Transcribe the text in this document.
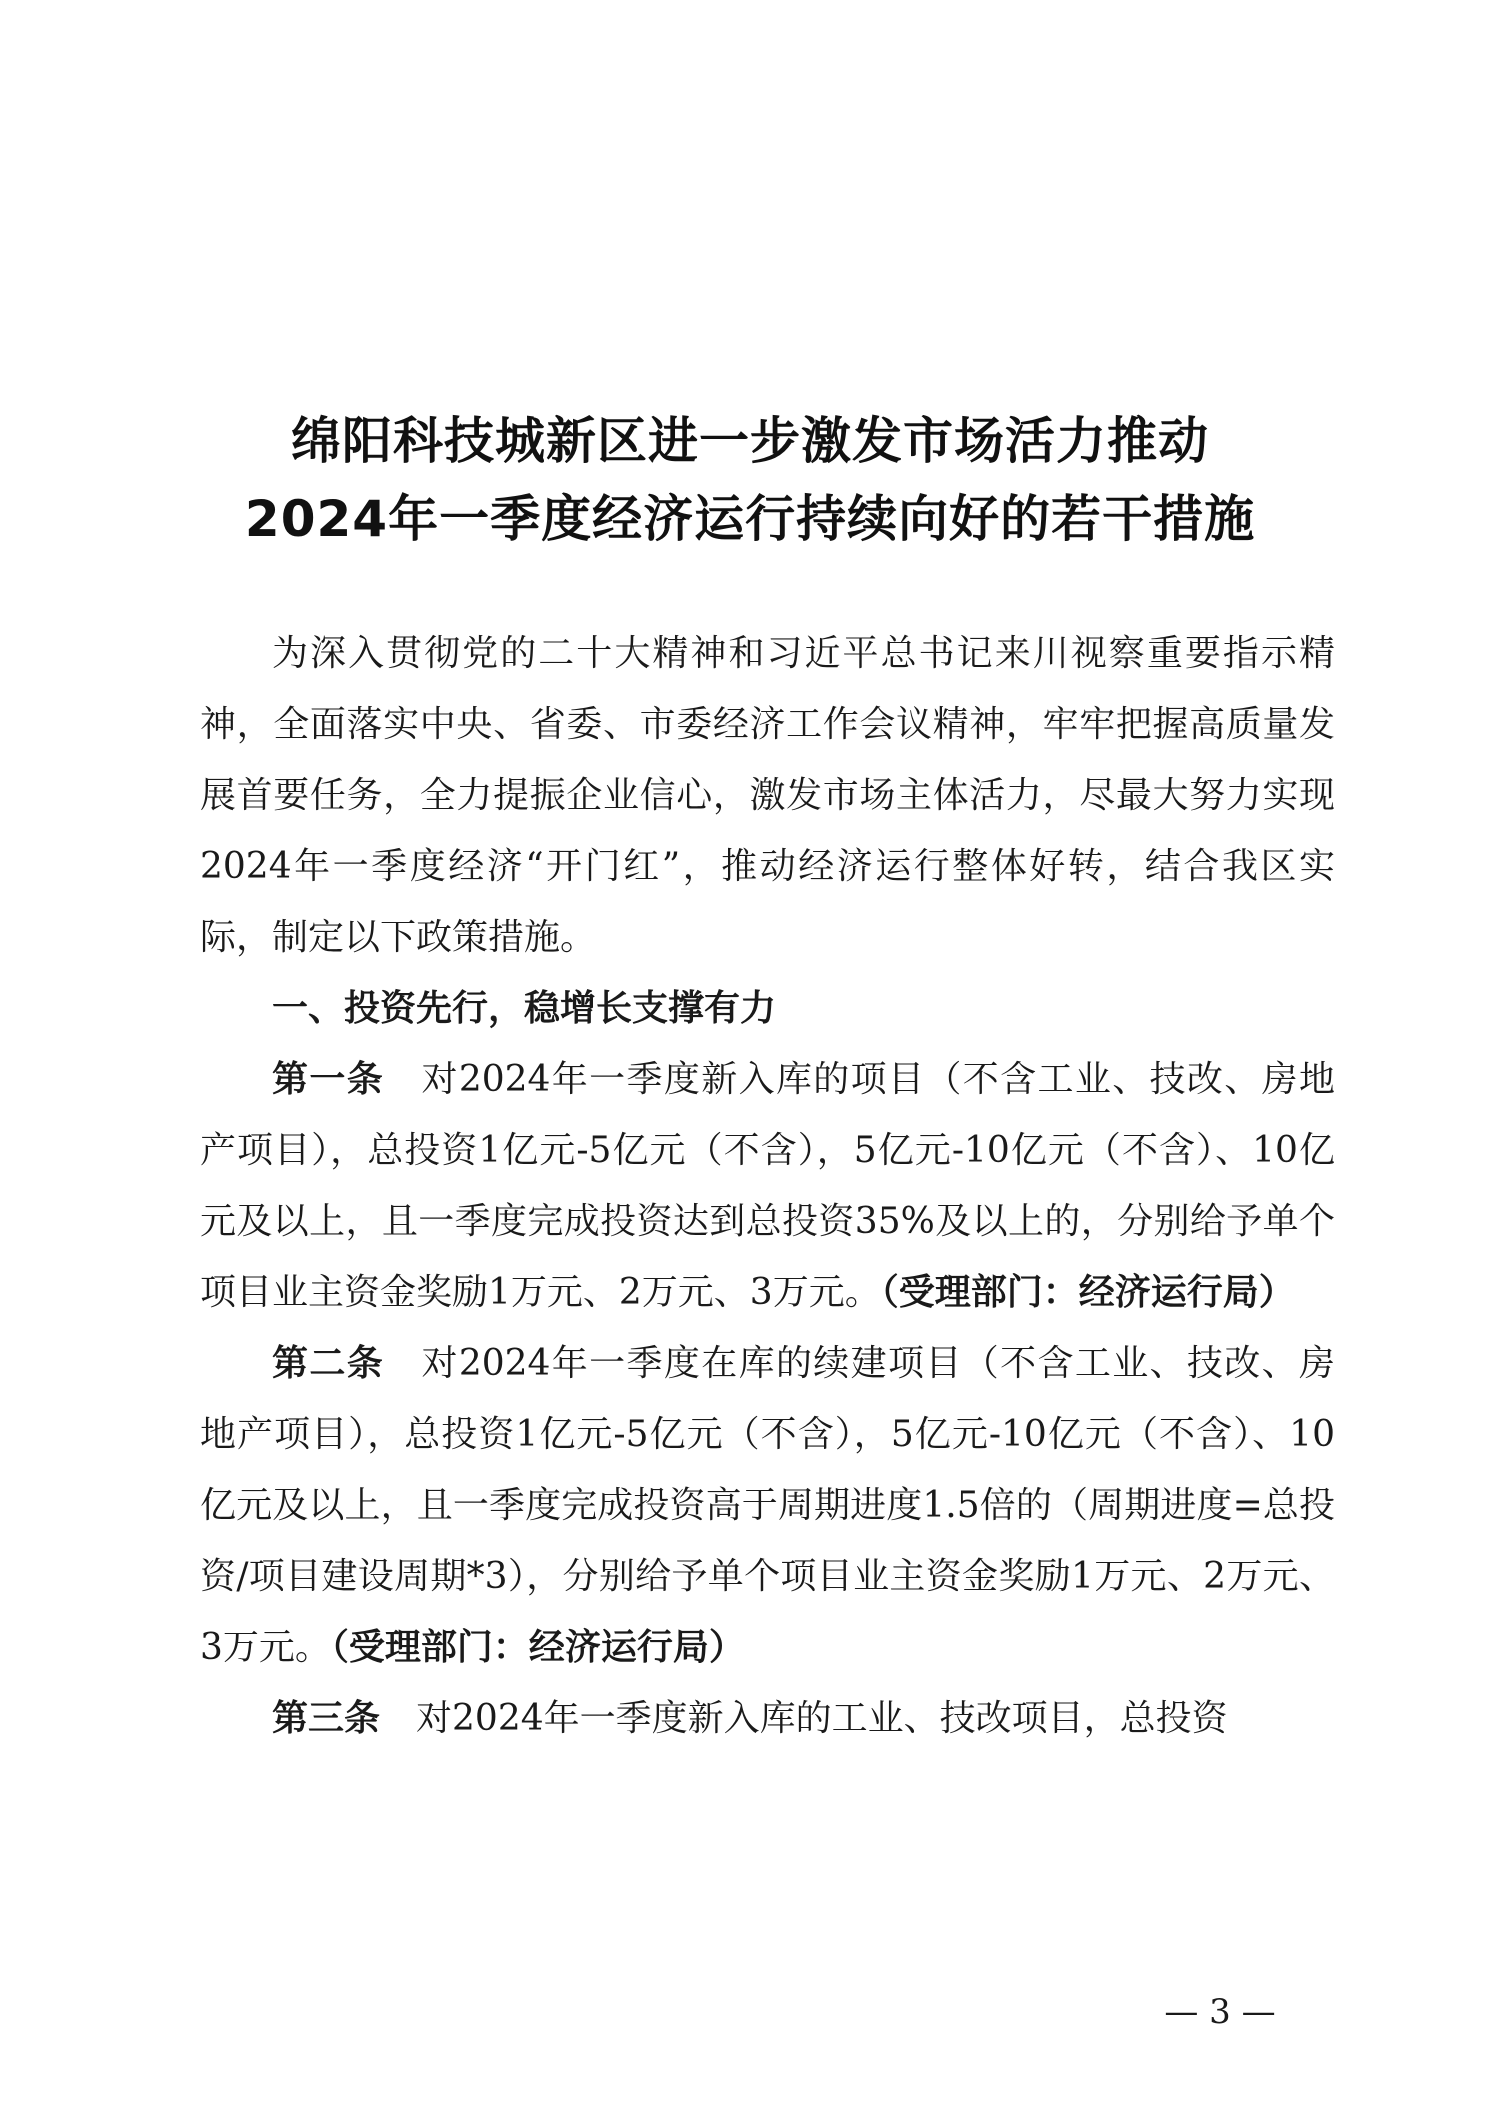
绵阳科技城新区进一步激发市场活力推动
2024年一季度经济运行持续向好的若干措施

为深入贯彻党的二十大精神和习近平总书记来川视察重要指示精神，全面落实中央、省委、市委经济工作会议精神，牢牢把握高质量发展首要任务，全力提振企业信心，激发市场主体活力，尽最大努力实现2024年一季度经济“开门红”，推动经济运行整体好转，结合我区实际，制定以下政策措施。

一、投资先行，稳增长支撑有力

第一条  对2024年一季度新入库的项目（不含工业、技改、房地产项目），总投资1亿元-5亿元（不含），5亿元-10亿元（不含）、10亿元及以上，且一季度完成投资达到总投资35%及以上的，分别给予单个项目业主资金奖励1万元、2万元、3万元。（受理部门：经济运行局）

第二条  对2024年一季度在库的续建项目（不含工业、技改、房地产项目），总投资1亿元-5亿元（不含），5亿元-10亿元（不含）、10亿元及以上，且一季度完成投资高于周期进度1.5倍的（周期进度=总投资/项目建设周期*3），分别给予单个项目业主资金奖励1万元、2万元、3万元。（受理部门：经济运行局）

第三条  对2024年一季度新入库的工业、技改项目，总投资

— 3 —
